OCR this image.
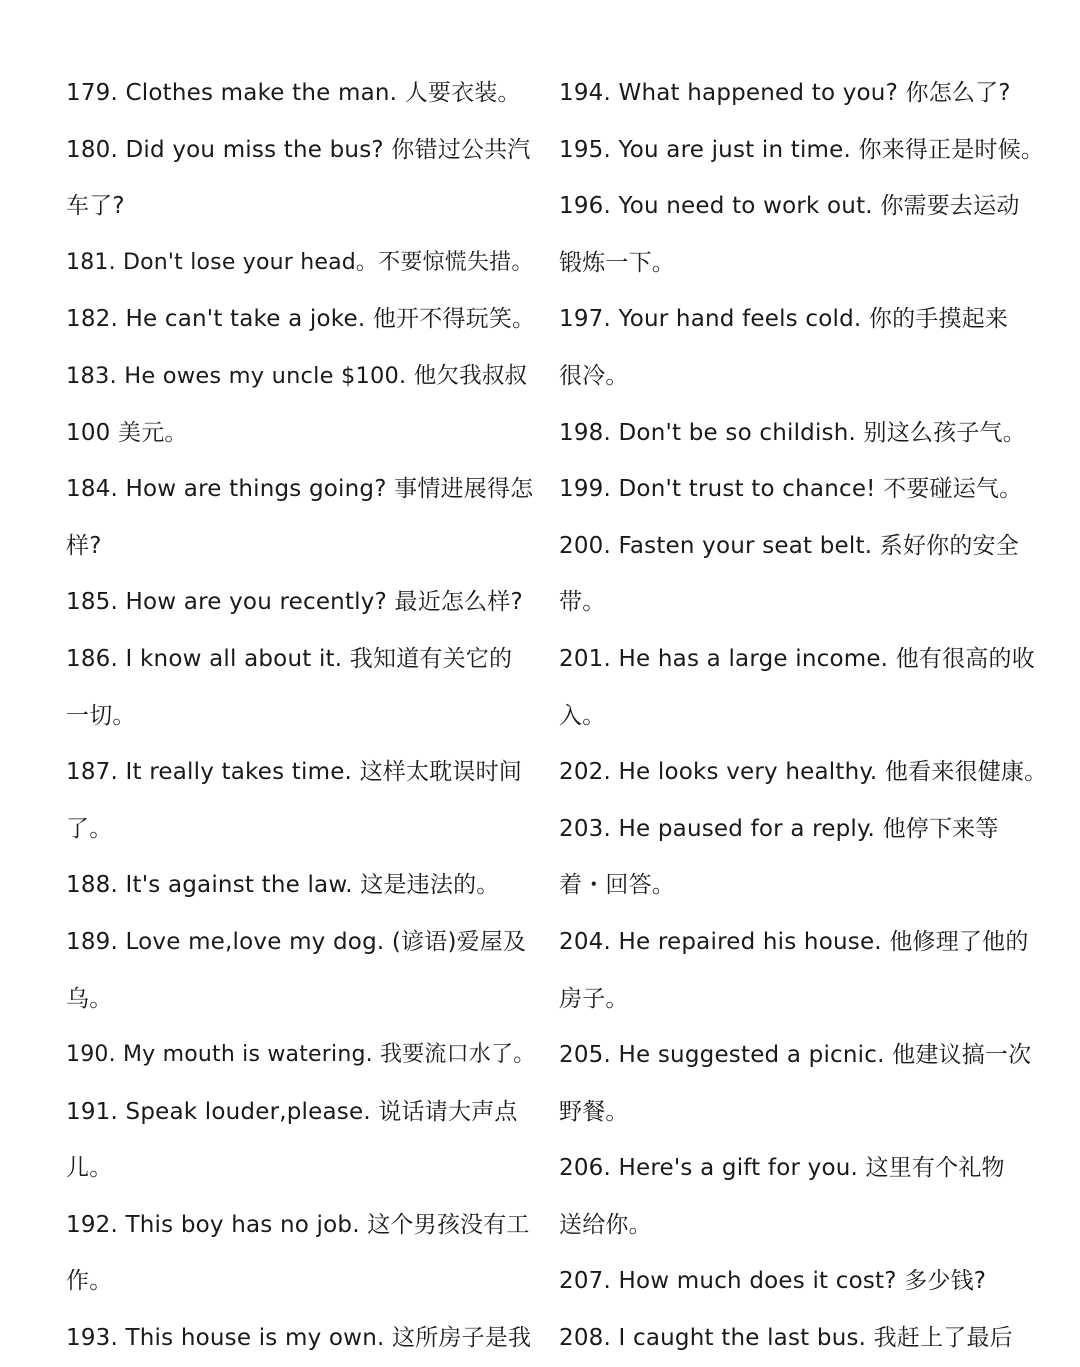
179. Clothes make the man. 人要衣装。
180. Did you miss the bus? 你错过公共汽
车了?
181. Don't lose your head。不要惊慌失措。
182. He can't take a joke. 他开不得玩笑。
183. He owes my uncle $100. 他欠我叔叔
100 美元。
184. How are things going? 事情进展得怎
样?
185. How are you recently? 最近怎么样?
186. I know all about it. 我知道有关它的
一切。
187. It really takes time. 这样太耽误时间
了。
188. It's against the law. 这是违法的。
189. Love me,love my dog. (谚语)爱屋及
乌。
190. My mouth is watering. 我要流口水了。
191. Speak louder,please. 说话请大声点
儿。
192. This boy has no job. 这个男孩没有工
作。
193. This house is my own. 这所房子是我
194. What happened to you? 你怎么了?
195. You are just in time. 你来得正是时候。
196. You need to work out. 你需要去运动
锻炼一下。
197. Your hand feels cold. 你的手摸起来
很冷。
198. Don't be so childish. 别这么孩子气。
199. Don't trust to chance! 不要碰运气。
200. Fasten your seat belt. 系好你的安全
带。
201. He has a large income. 他有很高的收
入。
202. He looks very healthy. 他看来很健康。
203. He paused for a reply. 他停下来等
着・回答。
204. He repaired his house. 他修理了他的
房子。
205. He suggested a picnic. 他建议搞一次
野餐。
206. Here's a gift for you. 这里有个礼物
送给你。
207. How much does it cost? 多少钱?
208. I caught the last bus. 我赶上了最后
